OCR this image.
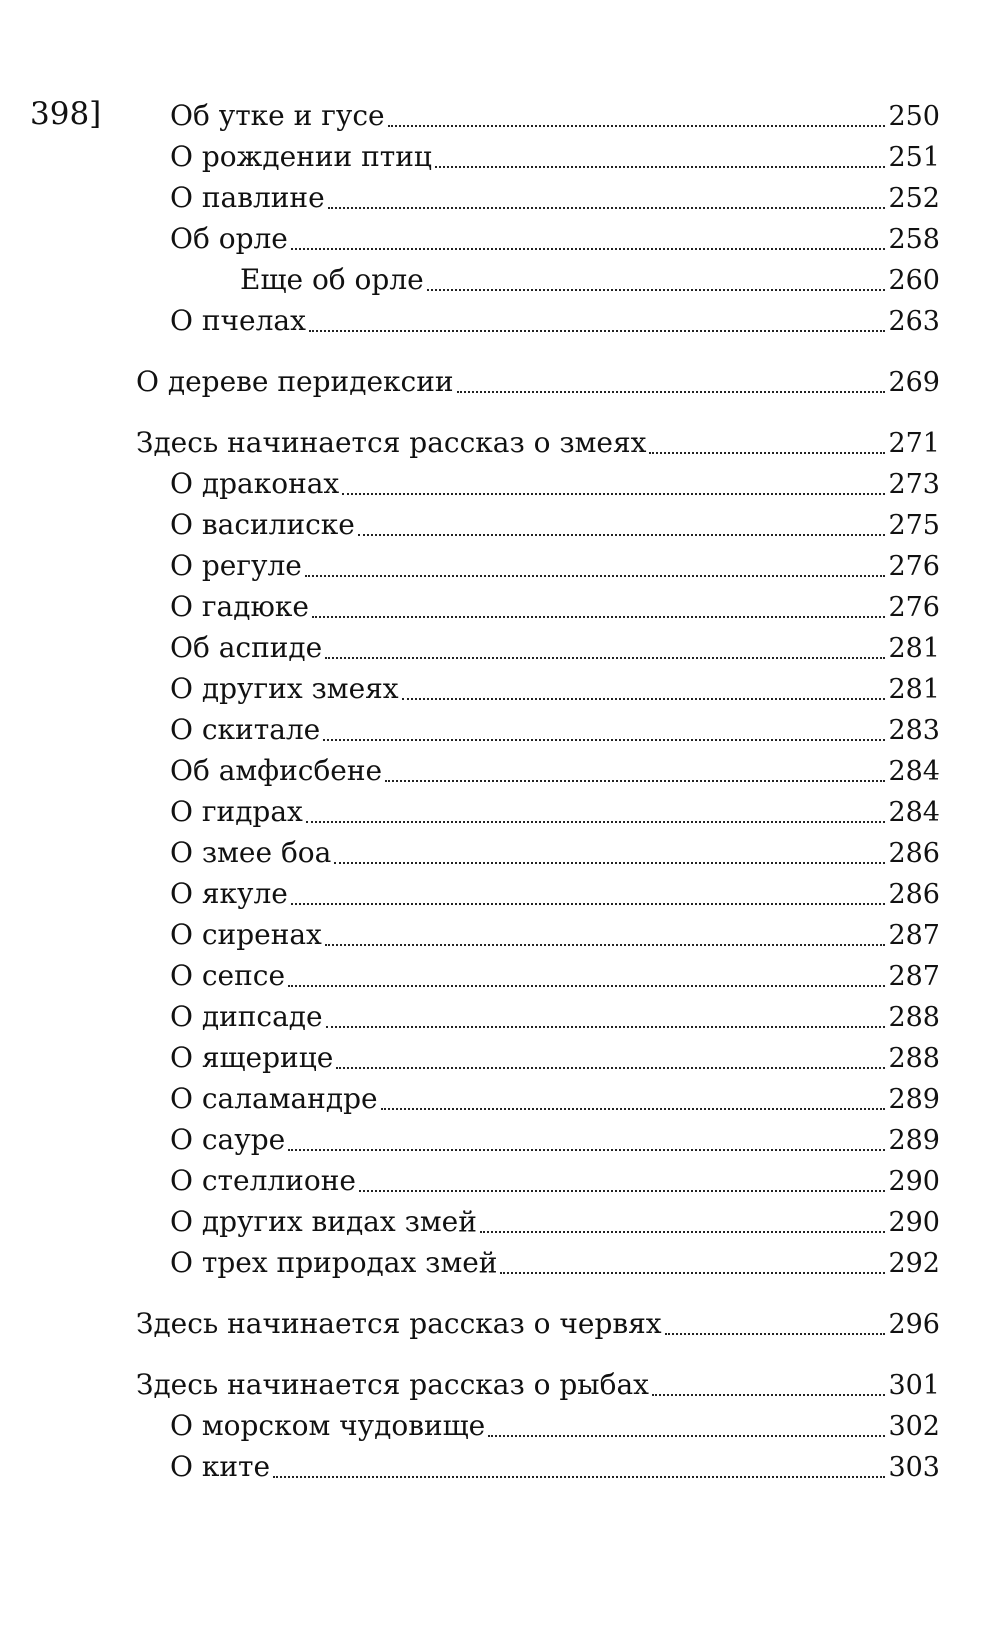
398] Об утке и гусе	250
О рождении птиц	251
О павлине	252
Об орле	258
Еще об орле	260
О пчелах	263
О дереве перидексии	269
Здесь начинается рассказ о змеях	271
О драконах	273
О василиске	275
О регуле	276
О гадюке	276
Об аспиде	281
О других змеях	281
О скитале	283
Об амфисбене	284
О гидрах	284
О змее боа	286
О якуле	286
О сиренах	287
О сепсе	287
О дипсаде	288
О ящерице	288
О саламандре	289
О сауре	289
О стеллионе	290
О других видах змей	290
О трех природах змей	292
Здесь начинается рассказ о червях	296
Здесь начинается рассказ о рыбах	301
О морском чудовище	302
О ките	303
